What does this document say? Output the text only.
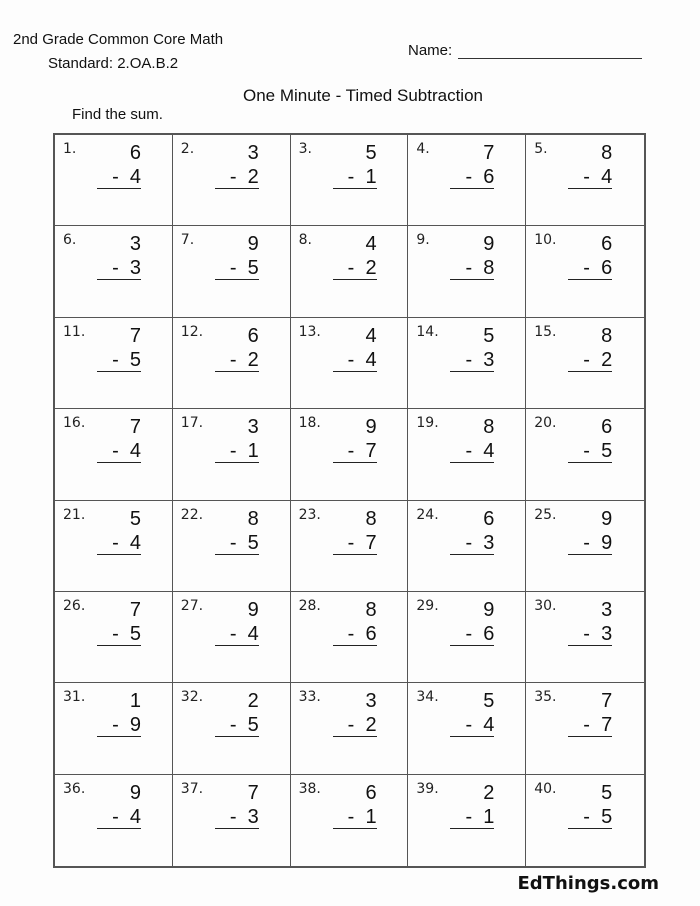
2nd Grade Common Core Math
Standard: 2.OA.B.2
Name:
One Minute - Timed Subtraction
Find the sum.
1.	6
- 4
2.	3
- 2
3.	5
- 1
4.	7
- 6
5.	8
- 4
6.	3
- 3
7.	9
- 5
8.	4
- 2
9.	9
- 8
10.	6
- 6
11.	7
- 5
12.	6
- 2
13.	4
- 4
14.	5
- 3
15.	8
- 2
16.	7
- 4
17.	3
- 1
18.	9
- 7
19.	8
- 4
20.	6
- 5
21.	5
- 4
22.	8
- 5
23.	8
- 7
24.	6
- 3
25.	9
- 9
26.	7
- 5
27.	9
- 4
28.	8
- 6
29.	9
- 6
30.	3
- 3
31.	1
- 9
32.	2
- 5
33.	3
- 2
34.	5
- 4
35.	7
- 7
36.	9
- 4
37.	7
- 3
38.	6
- 1
39.	2
- 1
40.	5
- 5
EdThings.com
